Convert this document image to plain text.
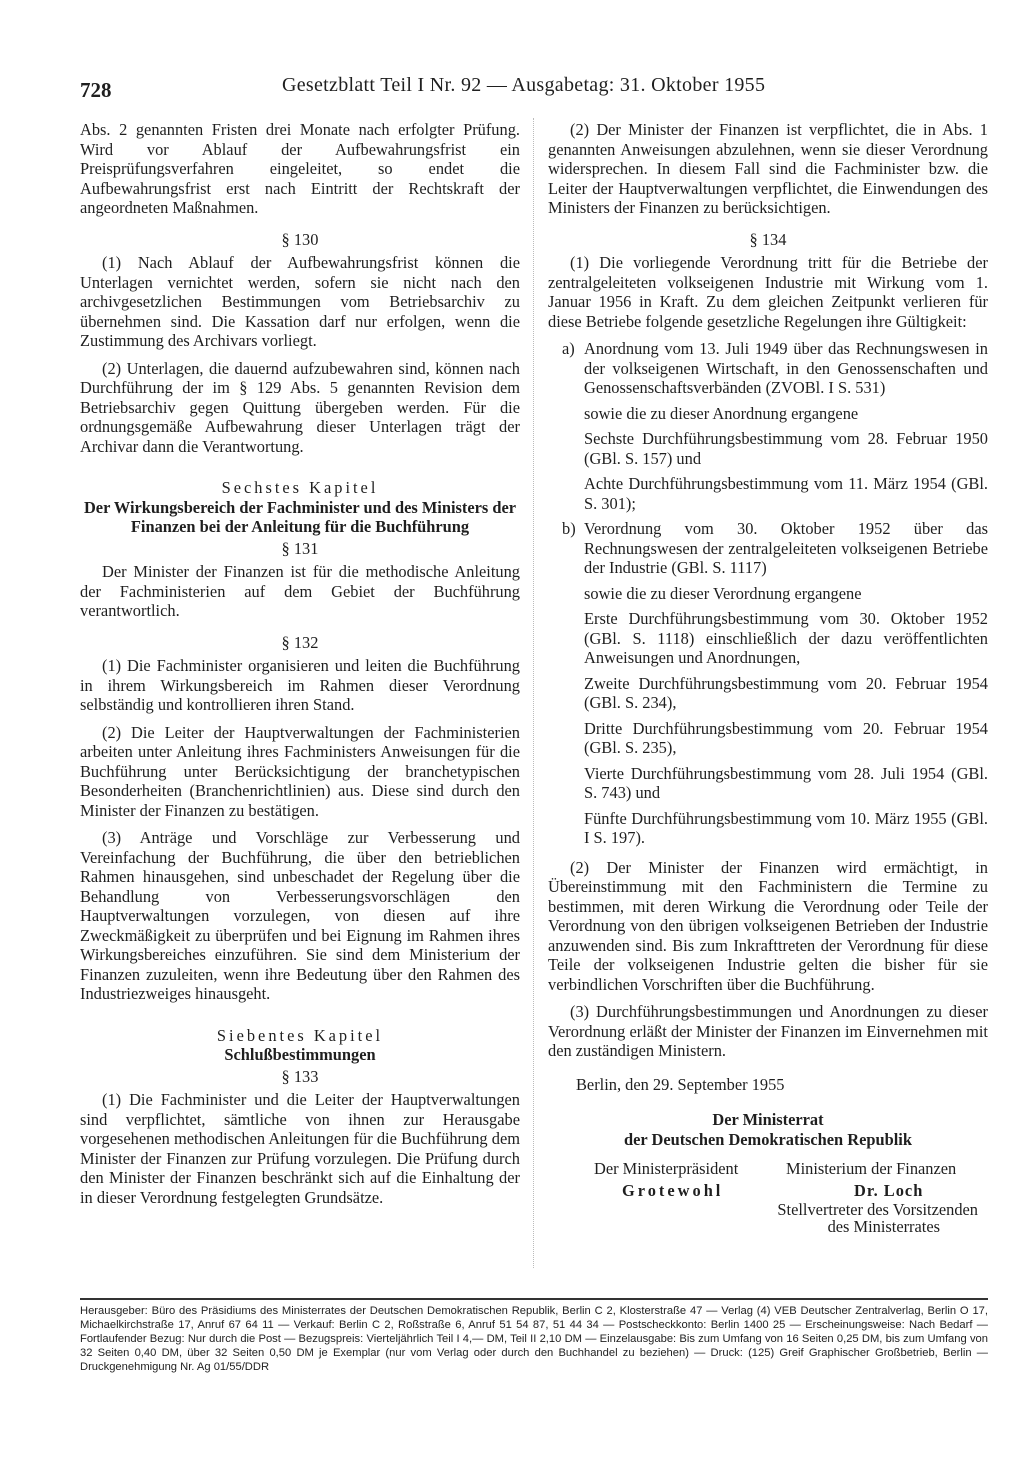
728	Gesetzblatt Teil I Nr. 92 — Ausgabetag: 31. Oktober 1955

Abs. 2 genannten Fristen drei Monate nach erfolgter Prüfung. Wird vor Ablauf der Aufbewahrungsfrist ein Preisprüfungsverfahren eingeleitet, so endet die Aufbewahrungsfrist erst nach Eintritt der Rechtskraft der angeordneten Maßnahmen.

§ 130

(1) Nach Ablauf der Aufbewahrungsfrist können die Unterlagen vernichtet werden, sofern sie nicht nach den archivgesetzlichen Bestimmungen vom Betriebsarchiv zu übernehmen sind. Die Kassation darf nur erfolgen, wenn die Zustimmung des Archivars vorliegt.

(2) Unterlagen, die dauernd aufzubewahren sind, können nach Durchführung der im § 129 Abs. 5 genannten Revision dem Betriebsarchiv gegen Quittung übergeben werden. Für die ordnungsgemäße Aufbewahrung dieser Unterlagen trägt der Archivar dann die Verantwortung.

Sechstes Kapitel

Der Wirkungsbereich der Fachminister und des Ministers der Finanzen bei der Anleitung für die Buchführung

§ 131

Der Minister der Finanzen ist für die methodische Anleitung der Fachministerien auf dem Gebiet der Buchführung verantwortlich.

§ 132

(1) Die Fachminister organisieren und leiten die Buchführung in ihrem Wirkungsbereich im Rahmen dieser Verordnung selbständig und kontrollieren ihren Stand.

(2) Die Leiter der Hauptverwaltungen der Fachministerien arbeiten unter Anleitung ihres Fachministers Anweisungen für die Buchführung unter Berücksichtigung der branchetypischen Besonderheiten (Branchenrichtlinien) aus. Diese sind durch den Minister der Finanzen zu bestätigen.

(3) Anträge und Vorschläge zur Verbesserung und Vereinfachung der Buchführung, die über den betrieblichen Rahmen hinausgehen, sind unbeschadet der Regelung über die Behandlung von Verbesserungsvorschlägen den Hauptverwaltungen vorzulegen, von diesen auf ihre Zweckmäßigkeit zu überprüfen und bei Eignung im Rahmen ihres Wirkungsbereiches einzuführen. Sie sind dem Ministerium der Finanzen zuzuleiten, wenn ihre Bedeutung über den Rahmen des Industriezweiges hinausgeht.

Siebentes Kapitel

Schlußbestimmungen

§ 133

(1) Die Fachminister und die Leiter der Hauptverwaltungen sind verpflichtet, sämtliche von ihnen zur Herausgabe vorgesehenen methodischen Anleitungen für die Buchführung dem Minister der Finanzen zur Prüfung vorzulegen. Die Prüfung durch den Minister der Finanzen beschränkt sich auf die Einhaltung der in dieser Verordnung festgelegten Grundsätze.

(2) Der Minister der Finanzen ist verpflichtet, die in Abs. 1 genannten Anweisungen abzulehnen, wenn sie dieser Verordnung widersprechen. In diesem Fall sind die Fachminister bzw. die Leiter der Hauptverwaltungen verpflichtet, die Einwendungen des Ministers der Finanzen zu berücksichtigen.

§ 134

(1) Die vorliegende Verordnung tritt für die Betriebe der zentralgeleiteten volkseigenen Industrie mit Wirkung vom 1. Januar 1956 in Kraft. Zu dem gleichen Zeitpunkt verlieren für diese Betriebe folgende gesetzliche Regelungen ihre Gültigkeit:

a) Anordnung vom 13. Juli 1949 über das Rechnungswesen in der volkseigenen Wirtschaft, in den Genossenschaften und Genossenschaftsverbänden (ZVOBl. I S. 531)

sowie die zu dieser Anordnung ergangene

Sechste Durchführungsbestimmung vom 28. Februar 1950 (GBl. S. 157) und

Achte Durchführungsbestimmung vom 11. März 1954 (GBl. S. 301);

b) Verordnung vom 30. Oktober 1952 über das Rechnungswesen der zentralgeleiteten volkseigenen Betriebe der Industrie (GBl. S. 1117)

sowie die zu dieser Verordnung ergangene

Erste Durchführungsbestimmung vom 30. Oktober 1952 (GBl. S. 1118) einschließlich der dazu veröffentlichten Anweisungen und Anordnungen,

Zweite Durchführungsbestimmung vom 20. Februar 1954 (GBl. S. 234),

Dritte Durchführungsbestimmung vom 20. Februar 1954 (GBl. S. 235),

Vierte Durchführungsbestimmung vom 28. Juli 1954 (GBl. S. 743) und

Fünfte Durchführungsbestimmung vom 10. März 1955 (GBl. I S. 197).

(2) Der Minister der Finanzen wird ermächtigt, in Übereinstimmung mit den Fachministern die Termine zu bestimmen, mit deren Wirkung die Verordnung oder Teile der Verordnung von den übrigen volkseigenen Betrieben der Industrie anzuwenden sind. Bis zum Inkrafttreten der Verordnung für diese Teile der volkseigenen Industrie gelten die bisher für sie verbindlichen Vorschriften über die Buchführung.

(3) Durchführungsbestimmungen und Anordnungen zu dieser Verordnung erläßt der Minister der Finanzen im Einvernehmen mit den zuständigen Ministern.

Berlin, den 29. September 1955

Der Ministerrat

der Deutschen Demokratischen Republik

Der Ministerpräsident	Ministerium der Finanzen
Grotewohl	Dr. Loch

Stellvertreter des Vorsitzenden

des Ministerrates

Herausgeber: Büro des Präsidiums des Ministerrates der Deutschen Demokratischen Republik, Berlin C 2, Klosterstraße 47 — Verlag (4) VEB Deutscher Zentralverlag, Berlin O 17, Michaelkirchstraße 17, Anruf 67 64 11 — Verkauf: Berlin C 2, Roßstraße 6, Anruf 51 54 87, 51 44 34 — Postscheckkonto: Berlin 1400 25 — Erscheinungsweise: Nach Bedarf — Fortlaufender Bezug: Nur durch die Post — Bezugspreis: Vierteljährlich Teil I 4,— DM, Teil II 2,10 DM — Einzelausgabe: Bis zum Umfang von 16 Seiten 0,25 DM, bis zum Umfang von 32 Seiten 0,40 DM, über 32 Seiten 0,50 DM je Exemplar (nur vom Verlag oder durch den Buchhandel zu beziehen) — Druck: (125) Greif Graphischer Großbetrieb, Berlin — Druckgenehmigung Nr. Ag 01/55/DDR
